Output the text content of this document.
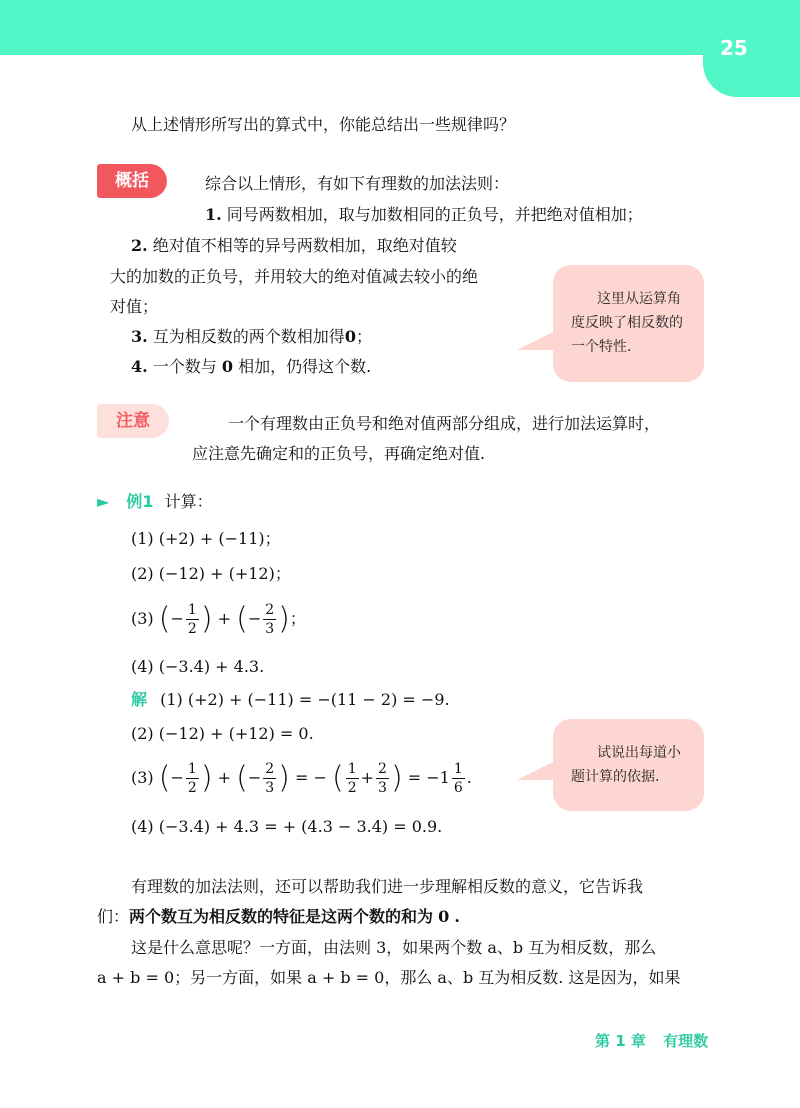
25
从上述情形所写出的算式中，你能总结出一些规律吗？
概括	综合以上情形，有如下有理数的加法法则：
1. 同号两数相加，取与加数相同的正负号，并把绝对值相加；
2. 绝对值不相等的异号两数相加，取绝对值较
大的加数的正负号，并用较大的绝对值减去较小的绝
对值；
3. 互为相反数的两个数相加得0；
4. 一个数与 0 相加，仍得这个数.
这里从运算角
度反映了相反数的
一个特性.
注意	一个有理数由正负号和绝对值两部分组成，进行加法运算时，
应注意先确定和的正负号，再确定绝对值.
► 例1 计算：
(1) (+2) + (−11)；
(2) (−12) + (+12)；
(3) (− $\frac{1}{2}$ ) + (− $\frac{2}{3}$ )；
(4) (−3.4) + 4.3.
解 (1) (+2) + (−11) = −(11 − 2) = −9.
(2) (−12) + (+12) = 0.
(3) (− $\frac{1}{2}$ ) + (− $\frac{2}{3}$ ) = − ( $\frac{1}{2} + \frac{2}{3}$ ) = $-1 \frac{1}{6}$ .
(4) (−3.4) + 4.3 = + (4.3 − 3.4) = 0.9.
试说出每道小
题计算的依据.
有理数的加法法则，还可以帮助我们进一步理解相反数的意义，它告诉我
们：两个数互为相反数的特征是这两个数的和为 0 .
这是什么意思呢？一方面，由法则 3，如果两个数 a、b 互为相反数，那么
a + b = 0；另一方面，如果 a + b = 0，那么 a、b 互为相反数. 这是因为，如果
第 1 章 有理数
